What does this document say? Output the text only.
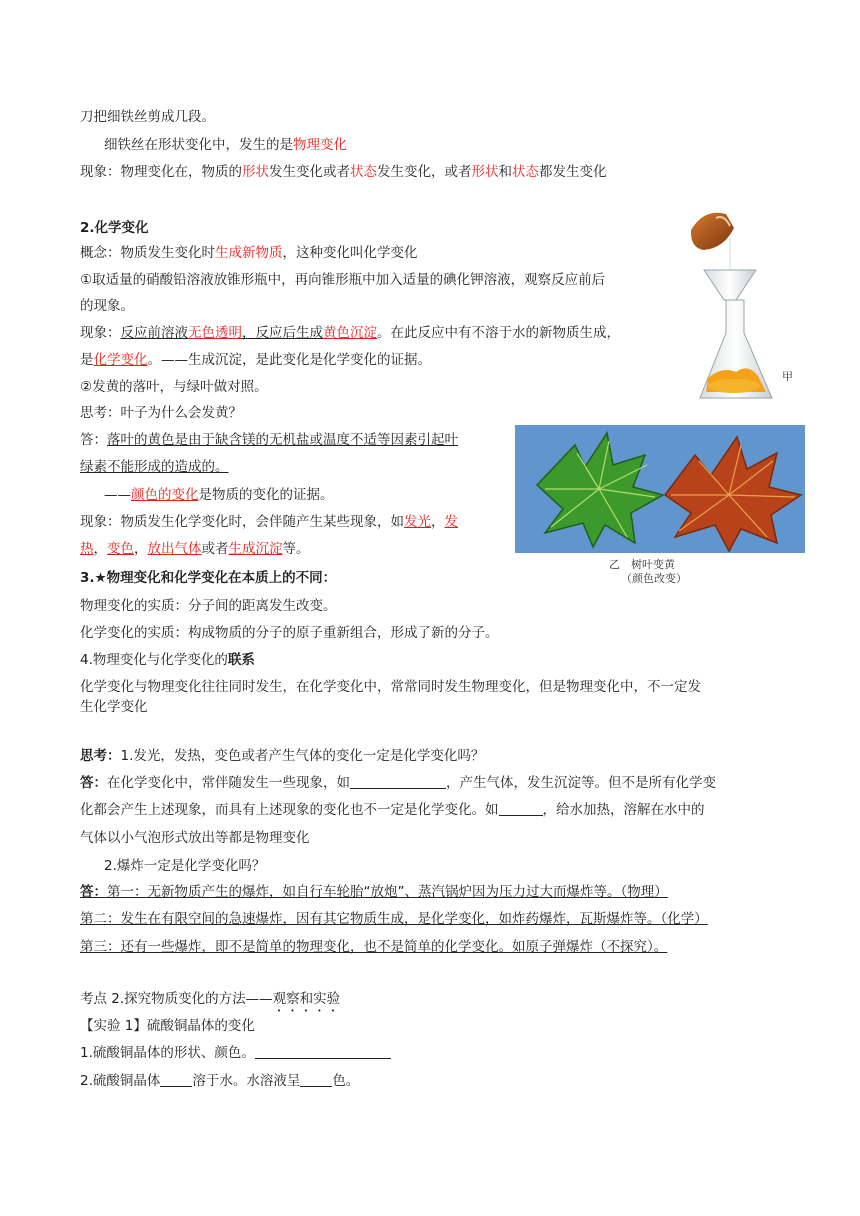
刀把细铁丝剪成几段。
细铁丝在形状变化中，发生的是物理变化
现象：物理变化在，物质的形状发生变化或者状态发生变化，或者形状和状态都发生变化
2.化学变化
概念：物质发生变化时生成新物质，这种变化叫化学变化
①取适量的硝酸铅溶液放锥形瓶中，再向锥形瓶中加入适量的碘化钾溶液，观察反应前后
的现象。
现象：反应前溶液无色透明，反应后生成黄色沉淀。在此反应中有不溶于水的新物质生成，
是化学变化。——生成沉淀，是此变化是化学变化的证据。
②发黄的落叶，与绿叶做对照。
思考：叶子为什么会发黄？
答：落叶的黄色是由于缺含镁的无机盐或温度不适等因素引起叶
绿素不能形成的造成的。
——颜色的变化是物质的变化的证据。
现象：物质发生化学变化时，会伴随产生某些现象，如发光，发
热，变色，放出气体或者生成沉淀等。
3.★物理变化和化学变化在本质上的不同：
物理变化的实质：分子间的距离发生改变。
化学变化的实质：构成物质的分子的原子重新组合，形成了新的分子。
4.物理变化与化学变化的联系
化学变化与物理变化往往同时发生，在化学变化中，常常同时发生物理变化，但是物理变化中，不一定发
生化学变化
思考：1.发光，发热，变色或者产生气体的变化一定是化学变化吗？
答：在化学变化中，常伴随发生一些现象，如	，产生气体，发生沉淀等。但不是所有化学变
化都会产生上述现象，而具有上述现象的变化也不一定是化学变化。如	，给水加热，溶解在水中的
气体以小气泡形式放出等都是物理变化
2.爆炸一定是化学变化吗？
答：第一：无新物质产生的爆炸，如自行车轮胎“放炮”、蒸汽锅炉因为压力过大而爆炸等。（物理）
第二：发生在有限空间的急速爆炸，因有其它物质生成，是化学变化，如炸药爆炸，瓦斯爆炸等。（化学）
第三：还有一些爆炸，即不是简单的物理变化，也不是简单的化学变化。如原子弹爆炸（不探究）。
考点 2.探究物质变化的方法——观察和实验
【实验 1】硫酸铜晶体的变化
1.硫酸铜晶体的形状、颜色。
2.硫酸铜晶体 溶于水。水溶液呈 色。
甲
乙　树叶变黄
（颜色改变）
